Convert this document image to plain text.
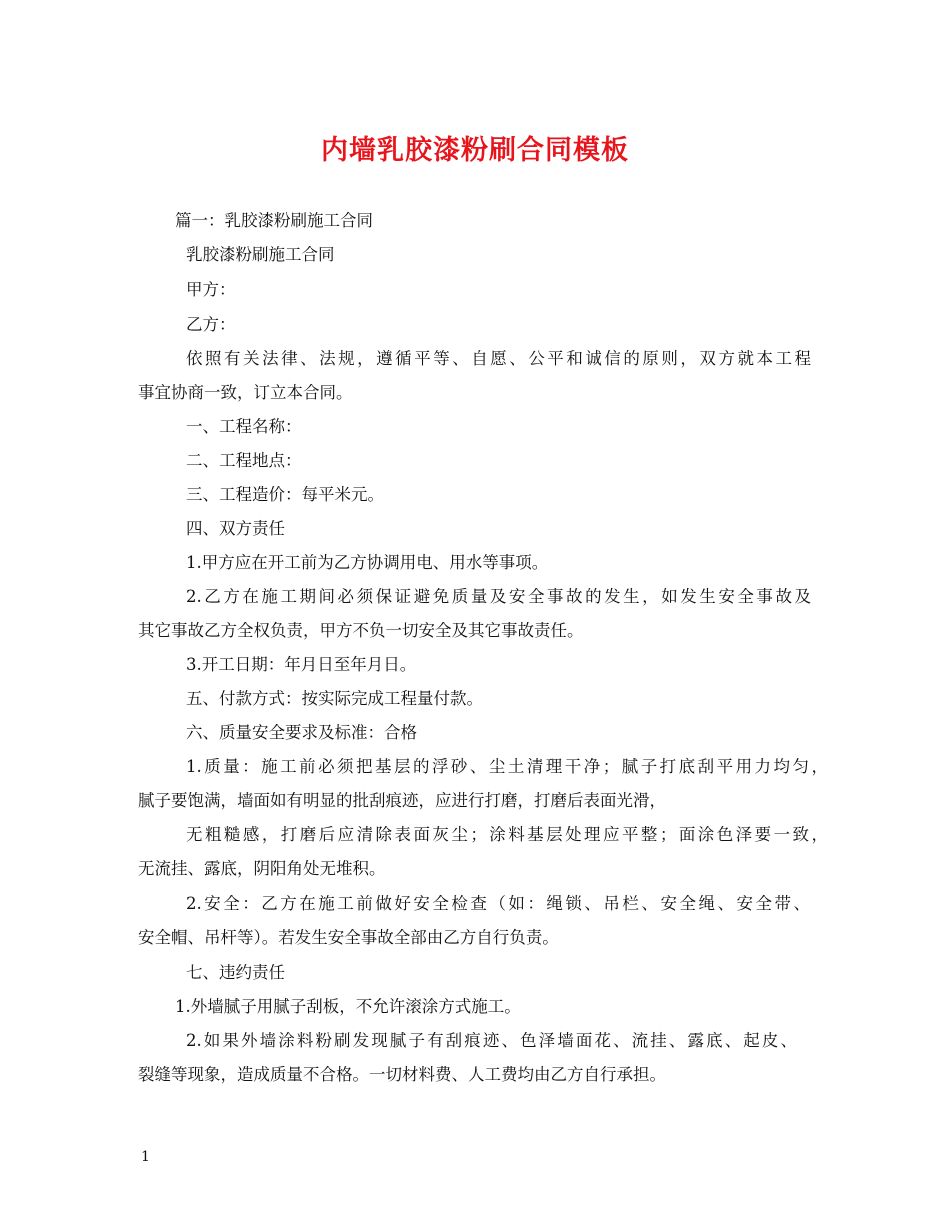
内墙乳胶漆粉刷合同模板
篇一：乳胶漆粉刷施工合同
乳胶漆粉刷施工合同
甲方：
乙方：
依照有关法律、法规，遵循平等、自愿、公平和诚信的原则，双方就本工程
事宜协商一致，订立本合同。
一、工程名称：
二、工程地点：
三、工程造价：每平米元。
四、双方责任
1.甲方应在开工前为乙方协调用电、用水等事项。
2.乙方在施工期间必须保证避免质量及安全事故的发生，如发生安全事故及
其它事故乙方全权负责，甲方不负一切安全及其它事故责任。
3.开工日期：年月日至年月日。
五、付款方式：按实际完成工程量付款。
六、质量安全要求及标准：合格
1.质量：施工前必须把基层的浮砂、尘土清理干净；腻子打底刮平用力均匀，
腻子要饱满，墙面如有明显的批刮痕迹，应进行打磨，打磨后表面光滑，
无粗糙感，打磨后应清除表面灰尘；涂料基层处理应平整；面涂色泽要一致，
无流挂、露底，阴阳角处无堆积。
2.安全：乙方在施工前做好安全检查（如：绳锁、吊栏、安全绳、安全带、
安全帽、吊杆等）。若发生安全事故全部由乙方自行负责。
七、违约责任
1.外墙腻子用腻子刮板，不允许滚涂方式施工。
2.如果外墙涂料粉刷发现腻子有刮痕迹、色泽墙面花、流挂、露底、起皮、
裂缝等现象，造成质量不合格。一切材料费、人工费均由乙方自行承担。
1
